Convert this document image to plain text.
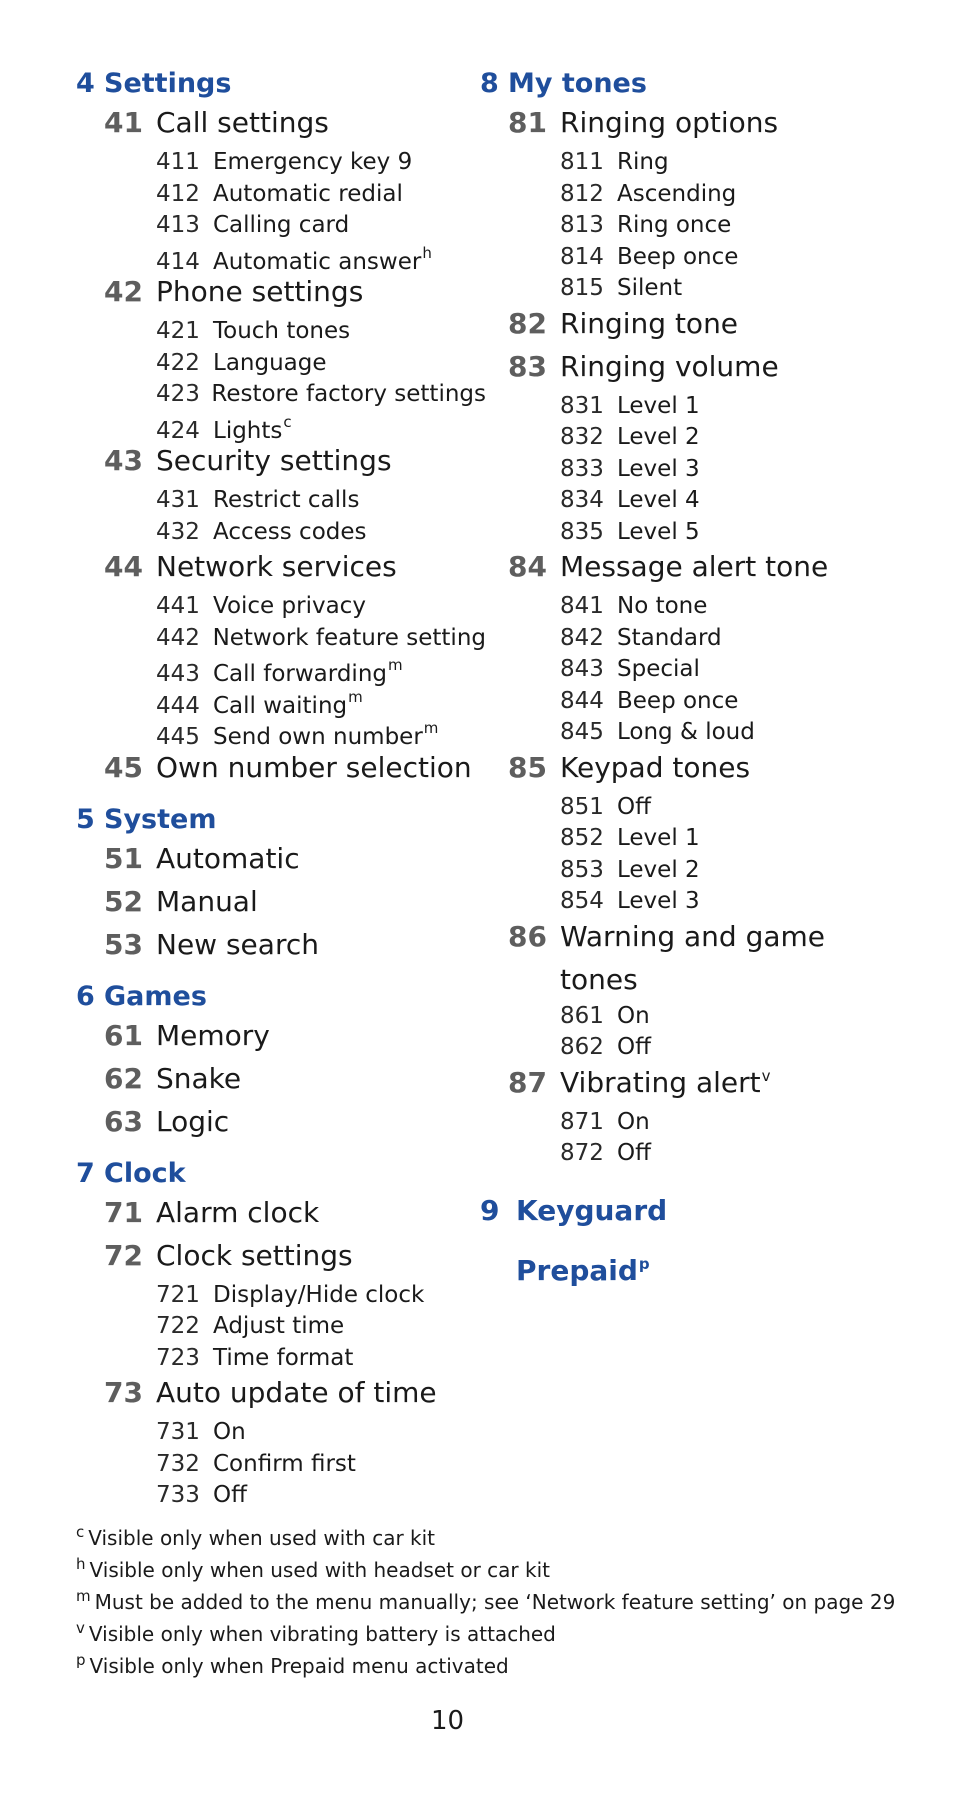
4 Settings
41 Call settings
411 Emergency key 9
412 Automatic redial
413 Calling card
414 Automatic answer$^h$
42 Phone settings
421 Touch tones
422 Language
423 Restore factory settings
424 Lights$^c$
43 Security settings
431 Restrict calls
432 Access codes
44 Network services
441 Voice privacy
442 Network feature setting
443 Call forwarding$^m$
444 Call waiting$^m$
445 Send own number$^m$
45 Own number selection
5 System
51 Automatic
52 Manual
53 New search
6 Games
61 Memory
62 Snake
63 Logic
7 Clock
71 Alarm clock
72 Clock settings
721 Display/Hide clock
722 Adjust time
723 Time format
73 Auto update of time
731 On
732 Confirm first
733 Off
8 My tones
81 Ringing options
811 Ring
812 Ascending
813 Ring once
814 Beep once
815 Silent
82 Ringing tone
83 Ringing volume
831 Level 1
832 Level 2
833 Level 3
834 Level 4
835 Level 5
84 Message alert tone
841 No tone
842 Standard
843 Special
844 Beep once
845 Long & loud
85 Keypad tones
851 Off
852 Level 1
853 Level 2
854 Level 3
86 Warning and game
tones
861 On
862 Off
87 Vibrating alert$^v$
871 On
872 Off
9 Keyguard
Prepaid$^p$
c Visible only when used with car kit
h Visible only when used with headset or car kit
m Must be added to the menu manually; see ‘Network feature setting’ on page 29
v Visible only when vibrating battery is attached
p Visible only when Prepaid menu activated
10
